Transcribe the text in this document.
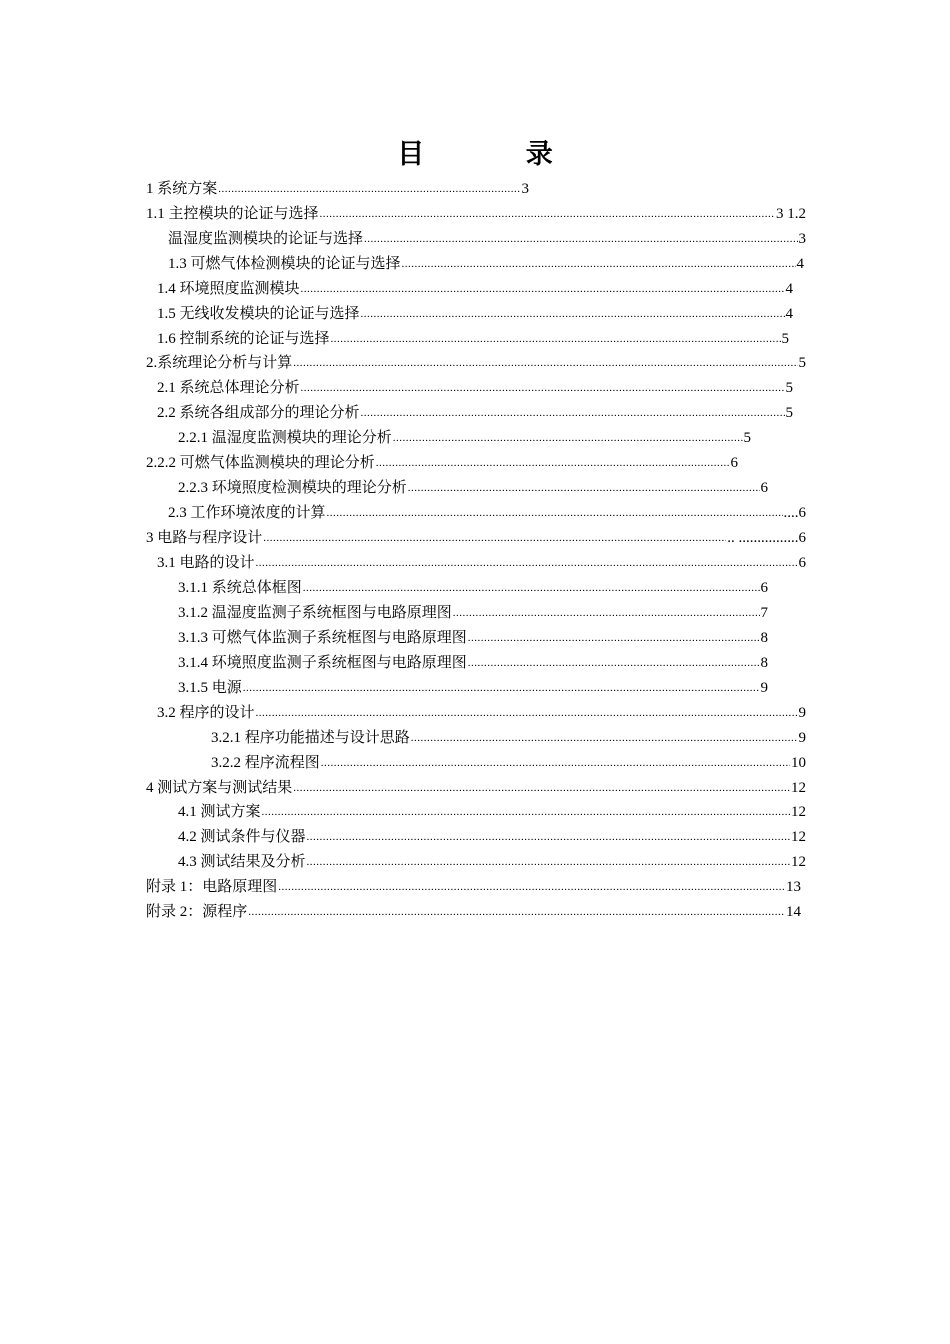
目 录
1 系统方案 .....	3
1.1 主控模块的论证与选择 .....	3 1.2
温湿度监测模块的论证与选择 .....	3
1.3 可燃气体检测模块的论证与选择 .....	4
1.4 环境照度监测模块 .....	4
1.5 无线收发模块的论证与选择 .....	4
1.6 控制系统的论证与选择 .....	5
2.系统理论分析与计算 .....	5
2.1 系统总体理论分析 .....	5
2.2 系统各组成部分的理论分析 .....	5
2.2.1 温湿度监测模块的理论分析 .....	5
2.2.2 可燃气体监测模块的理论分析 .....	6
2.2.3 环境照度检测模块的理论分析 .....	6
2.3 工作环境浓度的计算 .....	....6
3 电路与程序设计 .....	.. ................6
3.1 电路的设计 .....	6
3.1.1 系统总体框图 .....	6
3.1.2 温湿度监测子系统框图与电路原理图 .....	7
3.1.3 可燃气体监测子系统框图与电路原理图 .....	8
3.1.4 环境照度监测子系统框图与电路原理图 .....	8
3.1.5 电源 .....	9
3.2 程序的设计 .....	9
3.2.1 程序功能描述与设计思路 .....	9
3.2.2 程序流程图 .....	10
4 测试方案与测试结果 .....	12
4.1 测试方案 .....	12
4.2 测试条件与仪器 .....	12
4.3 测试结果及分析 .....	12
附录 1：电路原理图 .....	13
附录 2：源程序 .....	14
